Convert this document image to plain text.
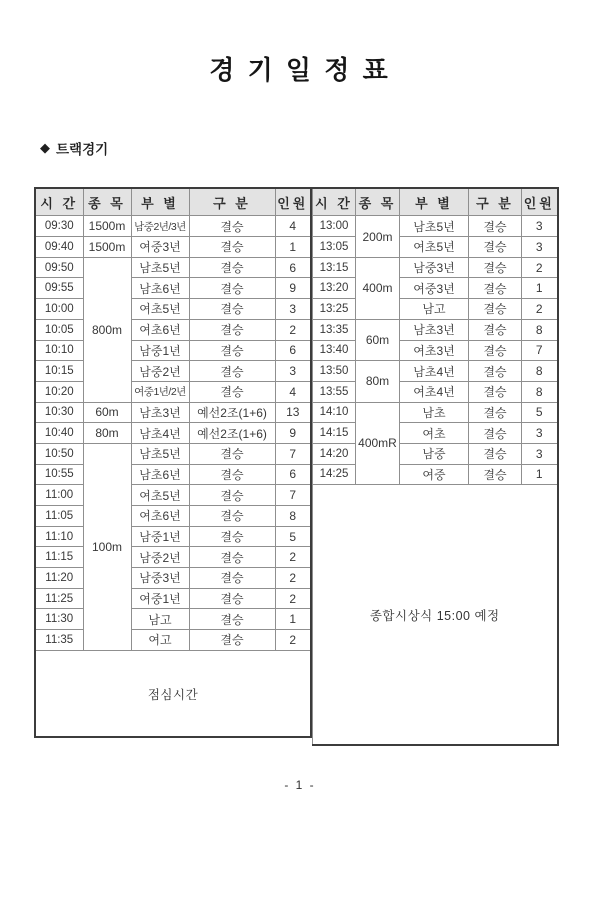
경 기 일 정 표
◆ 트랙경기
시 간	종 목	부 별	구 분	인원
09:30	1500m	남중2년/3년	결승	4
09:40	1500m	여중3년	결승	1
09:50	800m	남초5년	결승	6
09:55		남초6년	결승	9
10:00		여초5년	결승	3
10:05		여초6년	결승	2
10:10		남중1년	결승	6
10:15		남중2년	결승	3
10:20		여중1년/2년	결승	4
10:30	60m	남초3년	예선2조(1+6)	13
10:40	80m	남초4년	예선2조(1+6)	9
10:50	100m	남초5년	결승	7
10:55		남초6년	결승	6
11:00		여초5년	결승	7
11:05		여초6년	결승	8
11:10		남중1년	결승	5
11:15		남중2년	결승	2
11:20		남중3년	결승	2
11:25		여중1년	결승	2
11:30		남고	결승	1
11:35		여고	결승	2
점심시간				
시 간	종 목	부 별	구 분	인원
13:00	200m	남초5년	결승	3
13:05		여초5년	결승	3
13:15	400m	남중3년	결승	2
13:20		여중3년	결승	1
13:25		남고	결승	2
13:35	60m	남초3년	결승	8
13:40		여초3년	결승	7
13:50	80m	남초4년	결승	8
13:55		여초4년	결승	8
14:10	400mR	남초	결승	5
14:15		여초	결승	3
14:20		남중	결승	3
14:25		여중	결승	1
종합시상식 15:00 예정				
- 1 -
